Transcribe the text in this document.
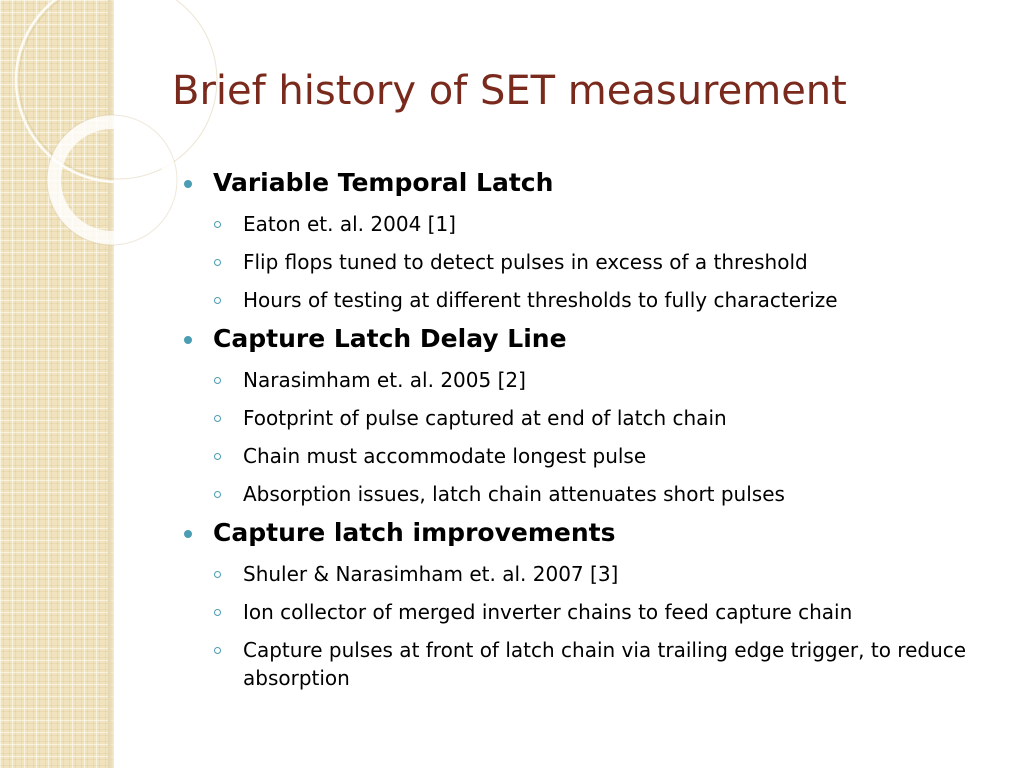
Brief history of SET measurement
Variable Temporal Latch
Eaton et. al. 2004 [1]
Flip flops tuned to detect pulses in excess of a threshold
Hours of testing at different thresholds to fully characterize
Capture Latch Delay Line
Narasimham et. al. 2005 [2]
Footprint of pulse captured at end of latch chain
Chain must accommodate longest pulse
Absorption issues, latch chain attenuates short pulses
Capture latch improvements
Shuler & Narasimham et. al. 2007 [3]
Ion collector of merged inverter chains to feed capture chain
Capture pulses at front of latch chain via trailing edge trigger, to reduce absorption
